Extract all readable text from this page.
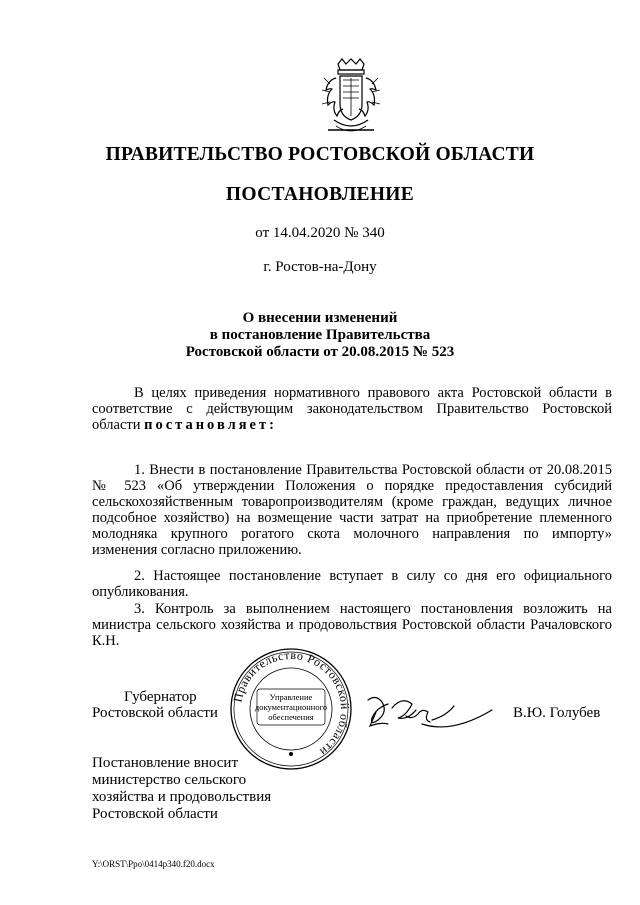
ПРАВИТЕЛЬСТВО РОСТОВСКОЙ ОБЛАСТИ
ПОСТАНОВЛЕНИЕ
от 14.04.2020 № 340
г. Ростов-на-Дону
О внесении изменений
в постановление Правительства
Ростовской области от 20.08.2015 № 523
В целях приведения нормативного правового акта Ростовской области в соответствие с действующим законодательством Правительство Ростовской области постановляет:
1. Внести в постановление Правительства Ростовской области от 20.08.2015 № 523 «Об утверждении Положения о порядке предоставления субсидий сельскохозяйственным товаропроизводителям (кроме граждан, ведущих личное подсобное хозяйство) на возмещение части затрат на приобретение племенного молодняка крупного рогатого скота молочного направления по импорту» изменения согласно приложению.
2. Настоящее постановление вступает в силу со дня его официального опубликования.
3. Контроль за выполнением настоящего постановления возложить на министра сельского хозяйства и продовольствия Ростовской области Рачаловского К.Н.
Губернатор
Ростовской области
Правительство Ростовской области
Управление
документационного
обеспечения	В.Ю. Голубев
Постановление вносит
министерство сельского
хозяйства и продовольствия
Ростовской области
Y:\ORST\Ppo\0414p340.f20.docx
